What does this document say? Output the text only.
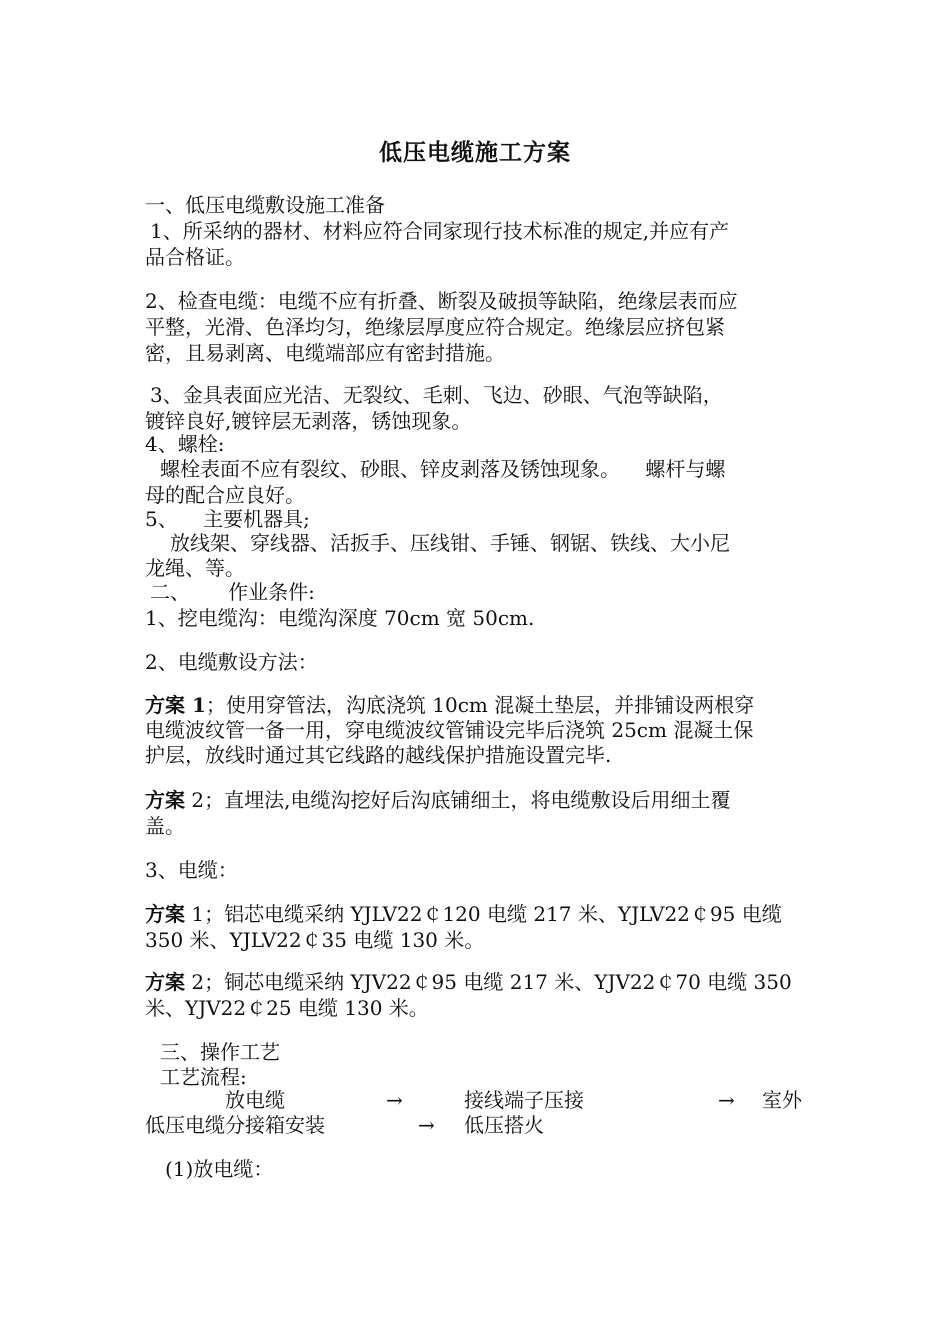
低压电缆施工方案
一、低压电缆敷设施工准备
1、所采纳的器材、材料应符合同家现行技术标准的规定,并应有产
品合格证。
2、检查电缆：电缆不应有折叠、断裂及破损等缺陷，绝缘层表而应
平整，光滑、色泽均匀，绝缘层厚度应符合规定。绝缘层应挤包紧
密，且易剥离、电缆端部应有密封措施。
3、金具表面应光洁、无裂纹、毛刺、飞边、砂眼、气泡等缺陷，
镀锌良好,镀锌层无剥落，锈蚀现象。
4、螺栓:
螺栓表面不应有裂纹、砂眼、锌皮剥落及锈蚀现象。    螺杆与螺
母的配合应良好。
5、    主要机器具;
放线架、穿线器、活扳手、压线钳、手锤、钢锯、铁线、大小尼
龙绳、等。
二、      作业条件:
1、挖电缆沟：电缆沟深度 70cm 宽 50cm.
2、电缆敷设方法：
方案 1；使用穿管法，沟底浇筑 10cm 混凝土垫层，并排铺设两根穿
电缆波纹管一备一用，穿电缆波纹管铺设完毕后浇筑 25cm 混凝土保
护层，放线时通过其它线路的越线保护措施设置完毕.
方案 2；直埋法,电缆沟挖好后沟底铺细土，将电缆敷设后用细土覆
盖。
3、电缆：
方案 1；铝芯电缆采纳 YJLV22￠120 电缆 217 米、YJLV22￠95 电缆
350 米、YJLV22￠35 电缆 130 米。
方案 2；铜芯电缆采纳 YJV22￠95 电缆 217 米、YJV22￠70 电缆 350
米、YJV22￠25 电缆 130 米。
三、操作工艺
工艺流程:
放电缆	→	接线端子压接	→ 室外
低压电缆分接箱安装	→ 低压搭火
(1)放电缆：
